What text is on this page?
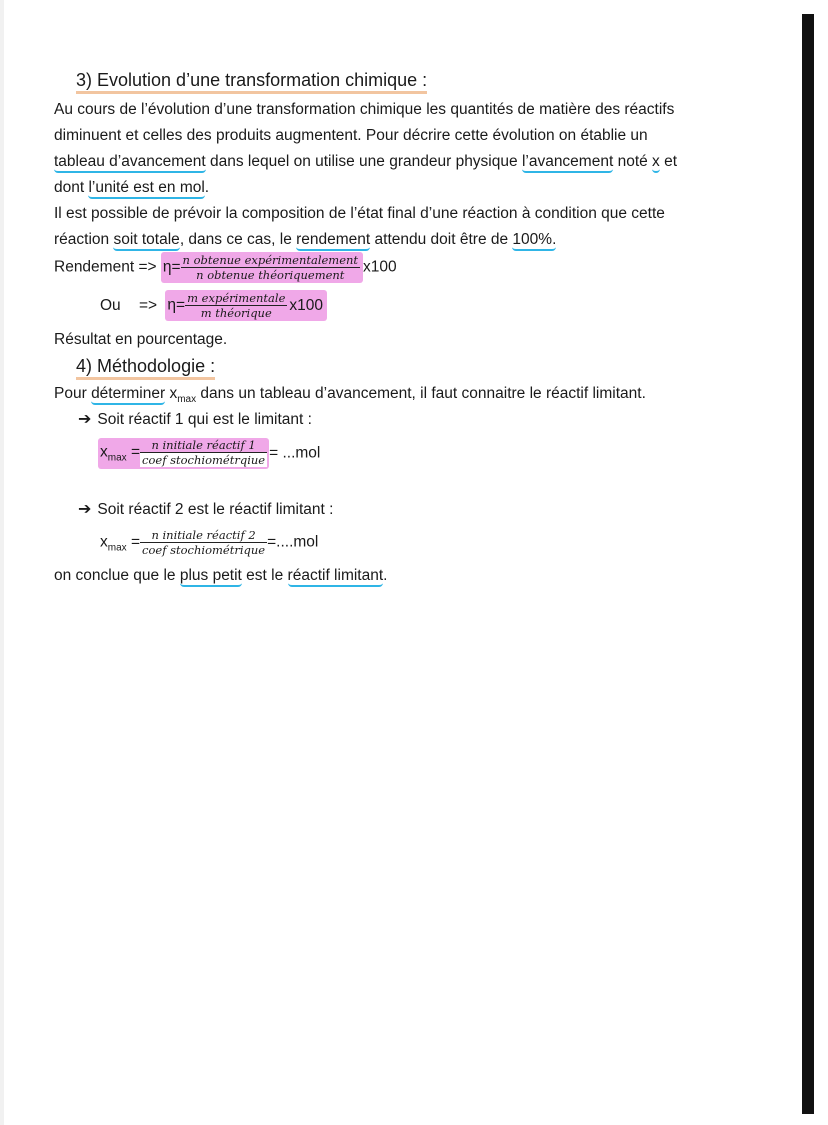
3) Evolution d’une transformation chimique :
Au cours de l’évolution d’une transformation chimique les quantités de matière des réactifs
diminuent et celles des produits augmentent. Pour décrire cette évolution on établie un
tableau d’avancement dans lequel on utilise une grandeur physique l’avancement noté x et
dont l’unité est en mol.
Il est possible de prévoir la composition de l’état final d’une réaction à condition que cette
réaction soit totale, dans ce cas, le rendement attendu doit être de 100%.
Rendement => $\eta= \frac{\text{n obtenue expérimentalement}}{\text{n obtenue théoriquement}} x100$
$Ou => \eta= \frac{\text{m expérimentale}}{\text{m théorique}} x100$
Résultat en pourcentage.
4) Méthodologie :
Pour déterminer $x_{max}$ dans un tableau d’avancement, il faut connaitre le réactif limitant.
➔ Soit réactif 1 qui est le limitant :
$x_{max} = \frac{\text{n initiale réactif 1}}{\text{coef stochiométrqiue}} = ...mol$
➔ Soit réactif 2 est le réactif limitant :
$x_{max} = \frac{\text{n initiale réactif 2}}{\text{coef stochiométrique}} =....mol$
on conclue que le plus petit est le réactif limitant.
